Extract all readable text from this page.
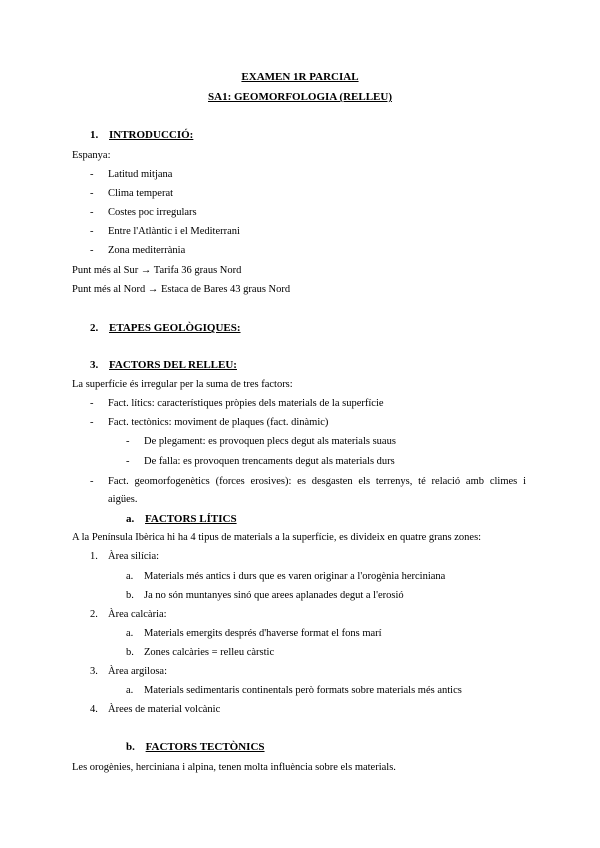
EXAMEN 1R PARCIAL
SA1: GEOMORFOLOGIA (RELLEU)
1. INTRODUCCIÓ:
Espanya:
- Latitud mitjana
- Clima temperat
- Costes poc irregulars
- Entre l'Atlàntic i el Mediterrani
- Zona mediterrània
Punt més al Sur → Tarifa 36 graus Nord
Punt més al Nord → Estaca de Bares 43 graus Nord
2. ETAPES GEOLÒGIQUES:
3. FACTORS DEL RELLEU:
La superfície és irregular per la suma de tres factors:
- Fact. lítics: característiques pròpies dels materials de la superfície
- Fact. tectònics: moviment de plaques (fact. dinàmic)
- De plegament: es provoquen plecs degut als materials suaus
- De falla: es provoquen trencaments degut als materials durs
- Fact. geomorfogenètics (forces erosives): es desgasten els terrenys, té relació amb climes i
aigües.
a. FACTORS LÍTICS
A la Península Ibèrica hi ha 4 tipus de materials a la superfície, es divideix en quatre grans zones:
1. Àrea silícia:
a. Materials més antics i durs que es varen originar a l'orogènia herciniana
b. Ja no són muntanyes sinó que arees aplanades degut a l'erosió
2. Àrea calcària:
a. Materials emergits després d'haverse format el fons marí
b. Zones calcàries = relleu càrstic
3. Àrea argilosa:
a. Materials sedimentaris continentals però formats sobre materials més antics
4. Àrees de material volcànic
b. FACTORS TECTÒNICS
Les orogènies, herciniana i alpina, tenen molta influència sobre els materials.
